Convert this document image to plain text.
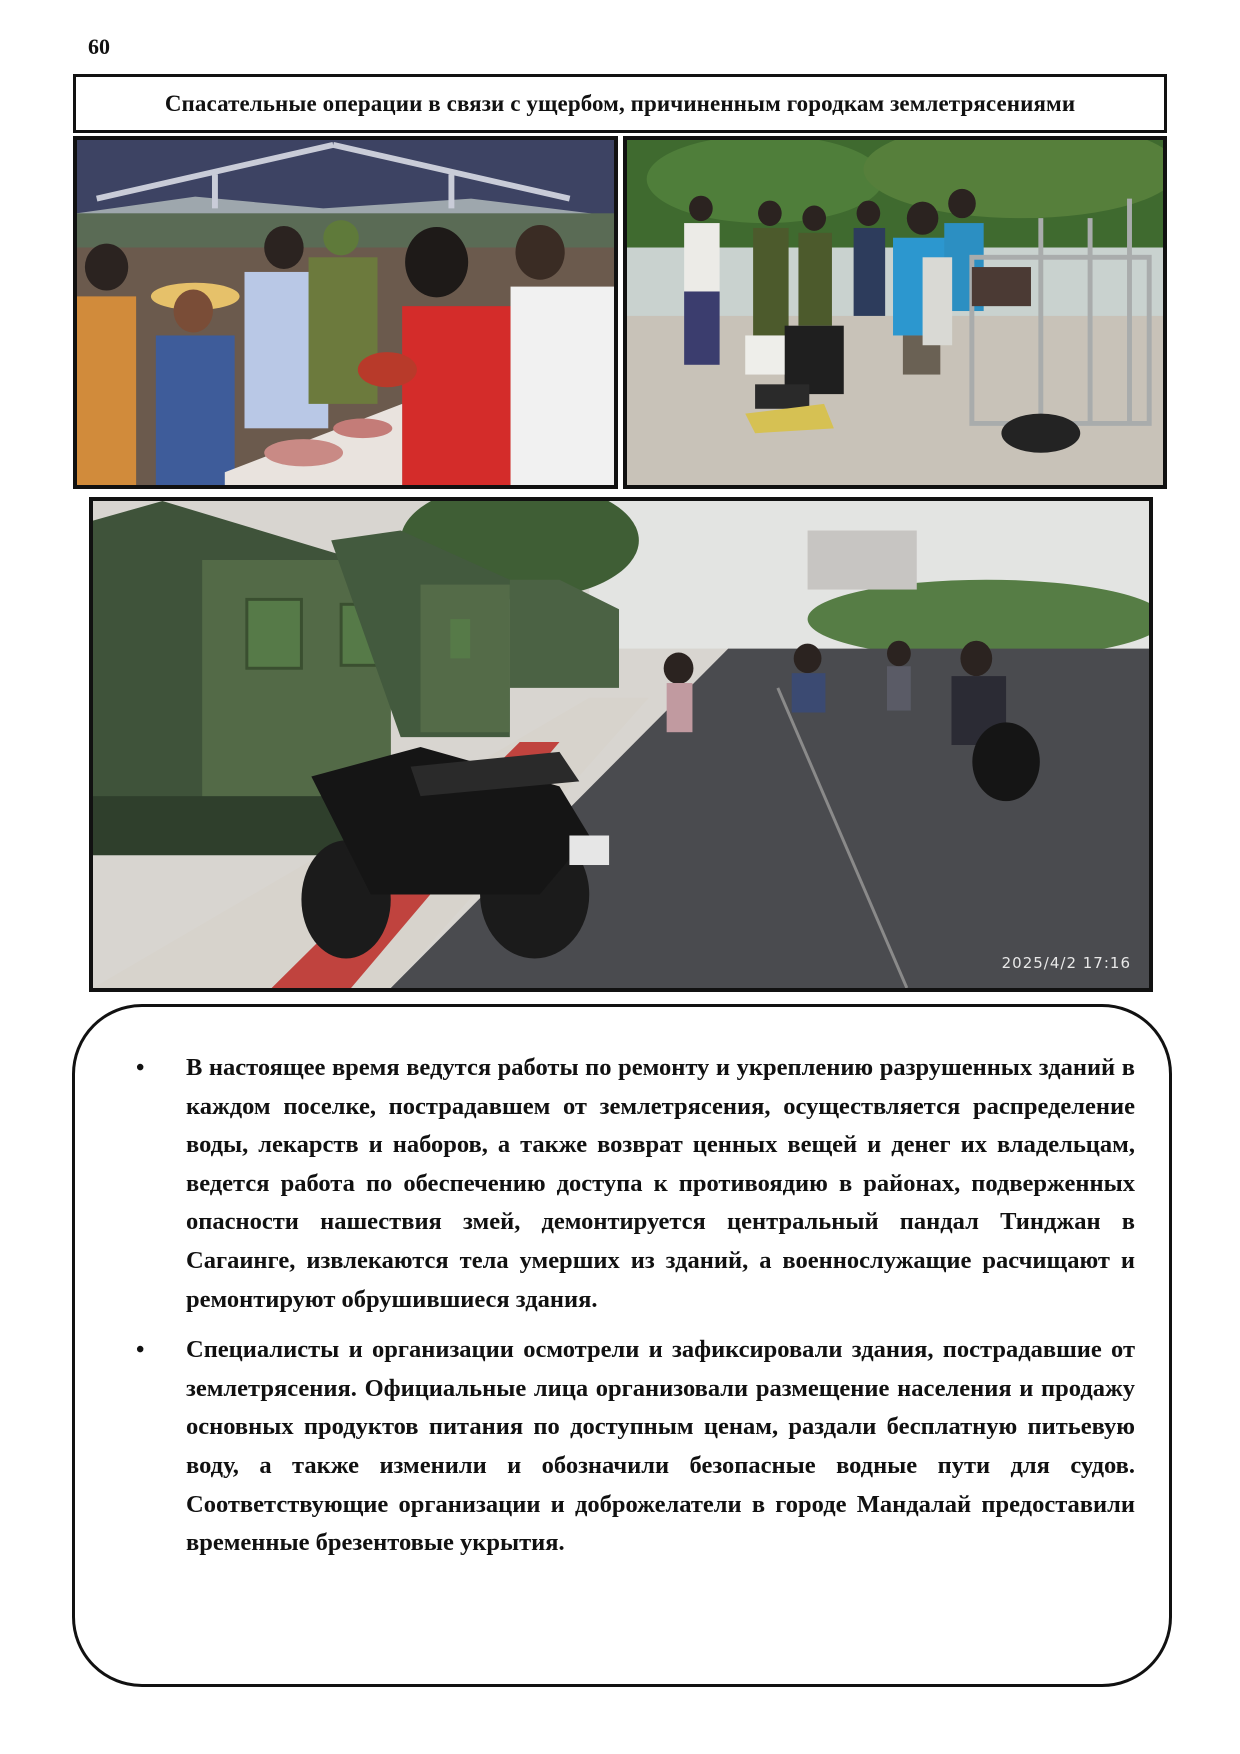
60
Спасательные операции в связи с ущербом, причиненным городкам землетрясениями
2025/4/2 17:16
• В настоящее время ведутся работы по ремонту и укреплению разрушенных зданий в каждом поселке, пострадавшем от землетрясения, осуществляется распределение воды, лекарств и наборов, а также возврат ценных вещей и денег их владельцам, ведется работа по обеспечению доступа к противоядию в районах, подверженных опасности нашествия змей, демонтируется центральный пандал Тинджан в Сагаинге, извлекаются тела умерших из зданий, а военнослужащие расчищают и ремонтируют обрушившиеся здания.
• Специалисты и организации осмотрели и зафиксировали здания, пострадавшие от землетрясения. Официальные лица организовали размещение населения и продажу основных продуктов питания по доступным ценам, раздали бесплатную питьевую воду, а также изменили и обозначили безопасные водные пути для судов. Соответствующие организации и доброжелатели в городе Мандалай предоставили временные брезентовые укрытия.
